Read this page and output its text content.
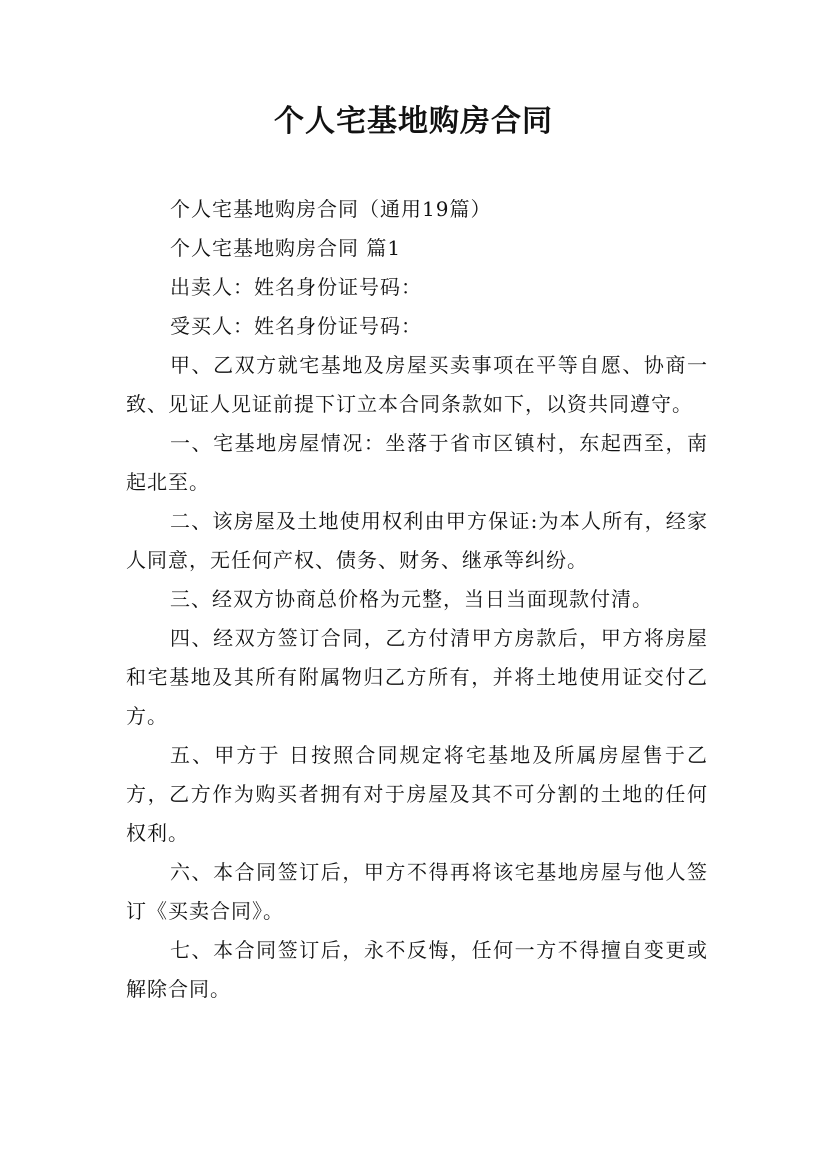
个人宅基地购房合同

个人宅基地购房合同（通用19篇）

个人宅基地购房合同 篇1

出卖人：姓名身份证号码：

受买人：姓名身份证号码：

甲、乙双方就宅基地及房屋买卖事项在平等自愿、协商一致、见证人见证前提下订立本合同条款如下，以资共同遵守。

一、宅基地房屋情况：坐落于省市区镇村，东起西至，南起北至。

二、该房屋及土地使用权利由甲方保证:为本人所有，经家人同意，无任何产权、债务、财务、继承等纠纷。

三、经双方协商总价格为元整，当日当面现款付清。

四、经双方签订合同，乙方付清甲方房款后，甲方将房屋和宅基地及其所有附属物归乙方所有，并将土地使用证交付乙方。

五、甲方于 日按照合同规定将宅基地及所属房屋售于乙方，乙方作为购买者拥有对于房屋及其不可分割的土地的任何权利。

六、本合同签订后，甲方不得再将该宅基地房屋与他人签订《买卖合同》。

七、本合同签订后，永不反悔，任何一方不得擅自变更或解除合同。
